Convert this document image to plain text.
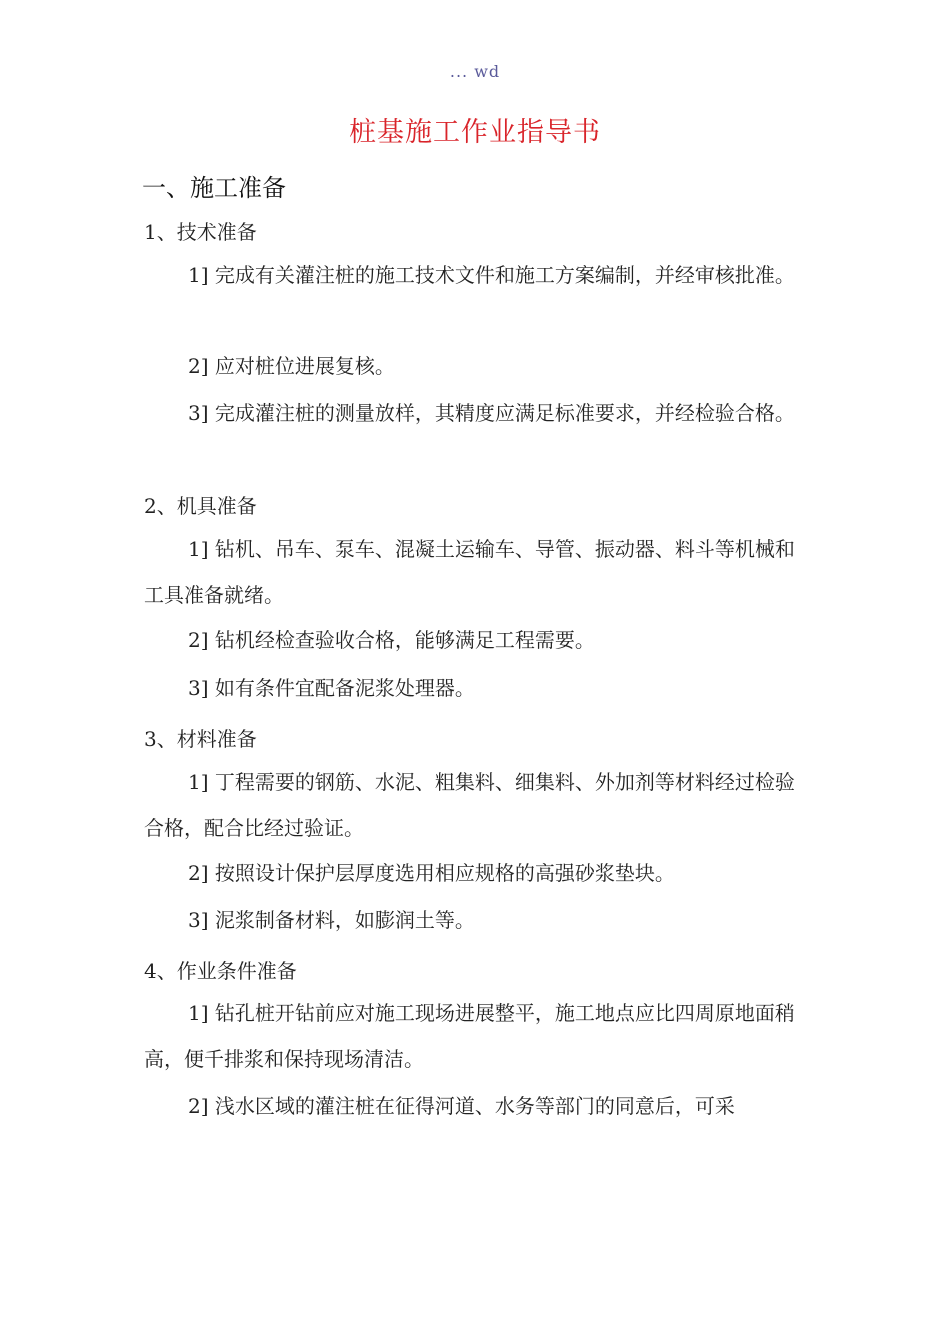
... wd
桩基施工作业指导书
一、施工准备
1、技术准备

1] 完成有关灌注桩的施工技术文件和施工方案编制，并经审核批准。

2] 应对桩位进展复核。

3] 完成灌注桩的测量放样，其精度应满足标准要求，并经检验合格。

2、机具准备

1] 钻机、吊车、泵车、混凝土运输车、导管、振动器、料斗等机械和工具准备就绪。

2] 钻机经检查验收合格，能够满足工程需要。

3] 如有条件宜配备泥浆处理器。

3、材料准备

1] 丁程需要的钢筋、水泥、粗集料、细集料、外加剂等材料经过检验合格，配合比经过验证。

2] 按照设计保护层厚度选用相应规格的高强砂浆垫块。

3] 泥浆制备材料，如膨润土等。

4、作业条件准备

1] 钻孔桩开钻前应对施工现场进展整平，施工地点应比四周原地面稍高，便千排浆和保持现场清洁。

2] 浅水区域的灌注桩在征得河道、水务等部门的同意后，可采
